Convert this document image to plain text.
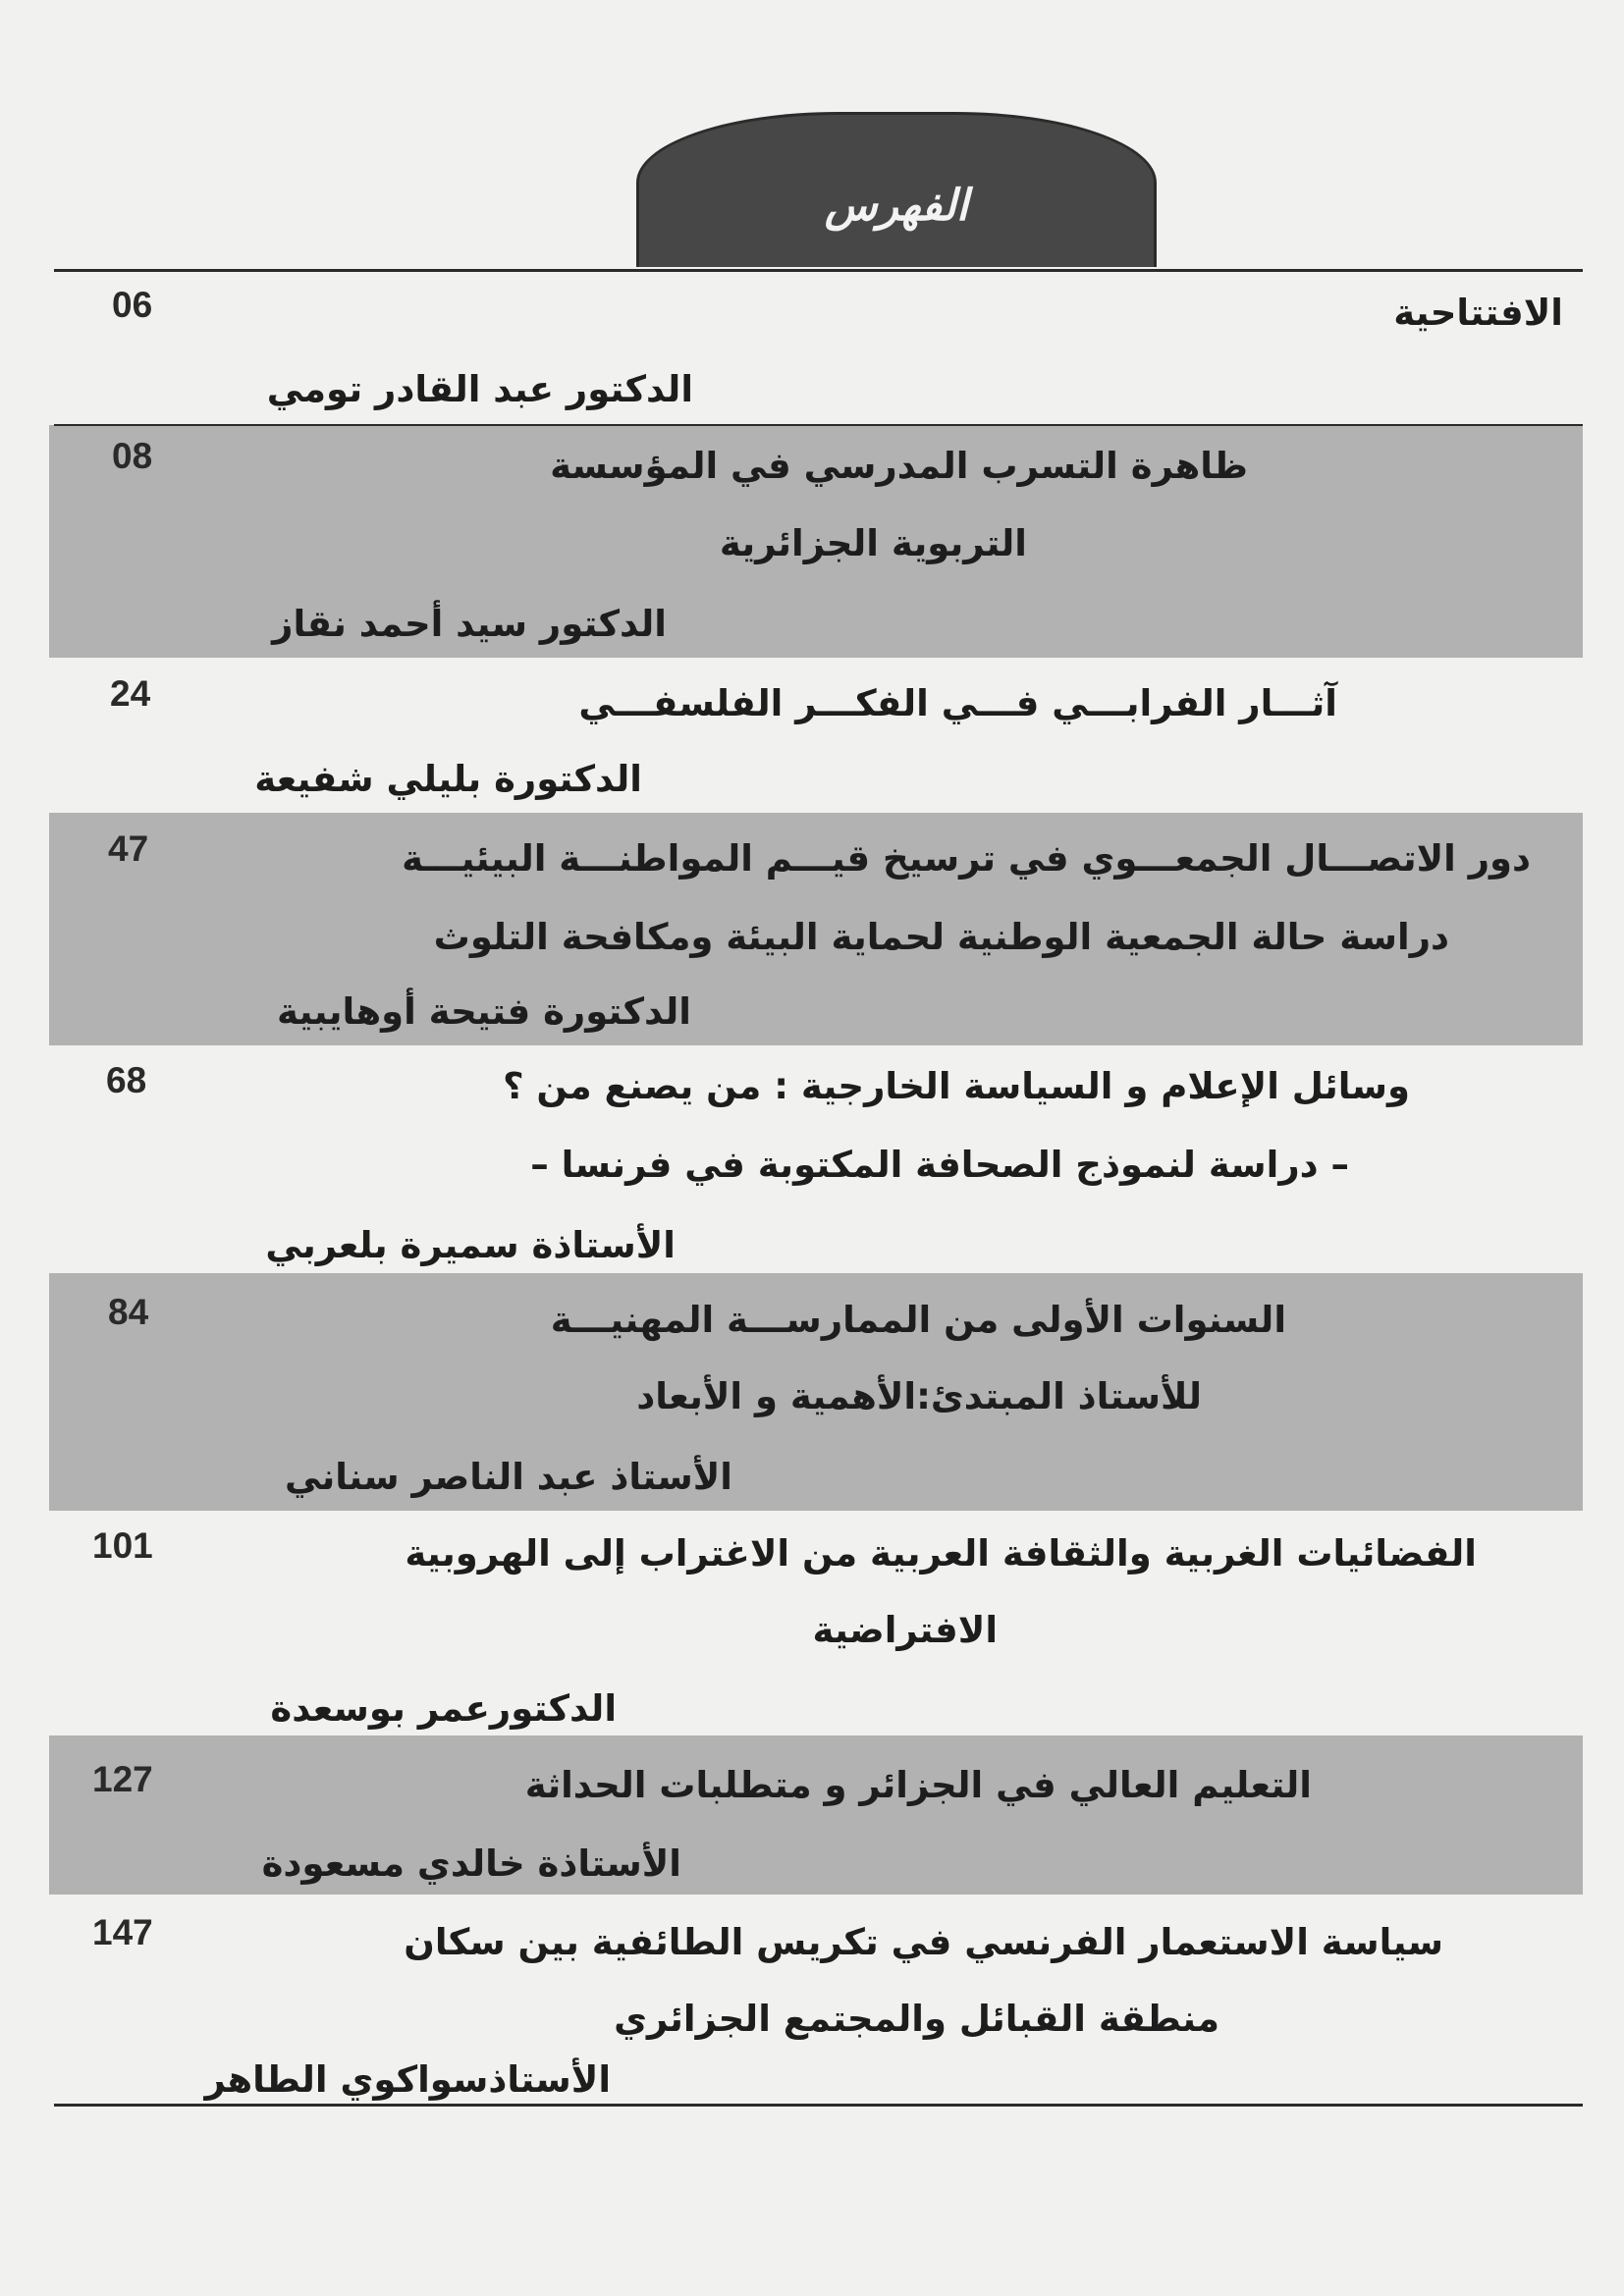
الفهرس
06	الافتتاحية
الدكتور عبد القادر تومي
08	ظاهرة التسرب المدرسي في المؤسسة
التربوية الجزائرية
الدكتور سيد أحمد نقاز
24	آثـــار الفرابـــي فـــي الفكـــر الفلسفـــي
الدكتورة بليلي شفيعة
47	دور الاتصـــال الجمعـــوي في ترسيخ قيـــم المواطنـــة البيئيـــة
دراسة حالة الجمعية الوطنية لحماية البيئة ومكافحة التلوث
الدكتورة فتيحة أوهايبية
68	وسائل الإعلام و السياسة الخارجية : من يصنع من ؟
– دراسة لنموذج الصحافة المكتوبة في فرنسا –
الأستاذة سميرة بلعربي
84	السنوات الأولى من الممارســـة المهنيـــة
للأستاذ المبتدئ:الأهمية و الأبعاد
الأستاذ عبد الناصر سناني
101	الفضائيات الغربية والثقافة العربية من الاغتراب إلى الهروبية
الافتراضية
الدكتورعمر بوسعدة
127	التعليم العالي في الجزائر و متطلبات الحداثة
الأستاذة خالدي مسعودة
147	سياسة الاستعمار الفرنسي في تكريس الطائفية بين سكان
منطقة القبائل والمجتمع الجزائري
الأستاذسواكوي الطاهر
